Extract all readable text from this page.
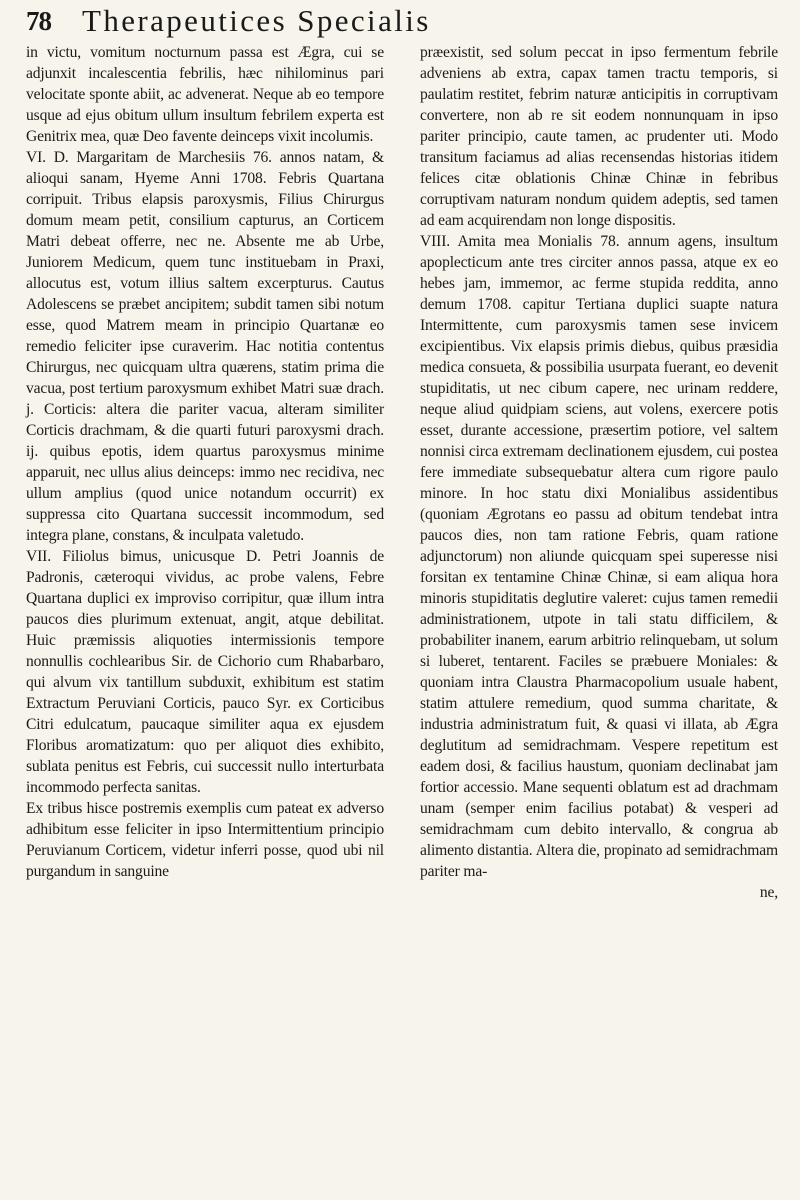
78 Therapeutices Specialis

in victu, vomitum nocturnum passa est Ægra, cui se adjunxit incalescentia febrilis, hæc nihilominus pari velocitate sponte abiit, ac advenerat. Neque ab eo tempore usque ad ejus obitum ullum insultum febrilem experta est Genitrix mea, quæ Deo favente deinceps vixit incolumis.

VI. D. Margaritam de Marchesiis 76. annos natam, & alioqui sanam, Hyeme Anni 1708. Febris Quartana corripuit. Tribus elapsis paroxysmis, Filius Chirurgus domum meam petit, consilium capturus, an Corticem Matri debeat offerre, nec ne. Absente me ab Urbe, Juniorem Medicum, quem tunc instituebam in Praxi, allocutus est, votum illius saltem excerpturus. Cautus Adolescens se præbet ancipitem; subdit tamen sibi notum esse, quod Matrem meam in principio Quartanæ eo remedio feliciter ipse curaverim. Hac notitia contentus Chirurgus, nec quicquam ultra quærens, statim prima die vacua, post tertium paroxysmum exhibet Matri suæ drach. j. Corticis: altera die pariter vacua, alteram similiter Corticis drachmam, & die quarti futuri paroxysmi drach. ij. quibus epotis, idem quartus paroxysmus minime apparuit, nec ullus alius deinceps: immo nec recidiva, nec ullum amplius (quod unice notandum occurrit) ex suppressa cito Quartana successit incommodum, sed integra plane, constans, & inculpata valetudo.

VII. Filiolus bimus, unicusque D. Petri Joannis de Padronis, cæteroqui vividus, ac probe valens, Febre Quartana duplici ex improviso corripitur, quæ illum intra paucos dies plurimum extenuat, angit, atque debilitat. Huic præmissis aliquoties intermissionis tempore nonnullis cochlearibus Sir. de Cichorio cum Rhabarbaro, qui alvum vix tantillum subduxit, exhibitum est statim Extractum Peruviani Corticis, pauco Syr. ex Corticibus Citri edulcatum, paucaque similiter aqua ex ejusdem Floribus aromatizatum: quo per aliquot dies exhibito, sublata penitus est Febris, cui successit nullo interturbata incommodo perfecta sanitas.

Ex tribus hisce postremis exemplis cum pateat ex adverso adhibitum esse feliciter in ipso Intermittentium principio Peruvianum Corticem, videtur inferri posse, quod ubi nil purgandum in sanguine

præexistit, sed solum peccat in ipso fermentum febrile adveniens ab extra, capax tamen tractu temporis, si paulatim restitet, febrim naturæ anticipitis in corruptivam convertere, non ab re sit eodem nonnunquam in ipso pariter principio, caute tamen, ac prudenter uti. Modo transitum faciamus ad alias recensendas historias itidem felices citæ oblationis Chinæ Chinæ in febribus corruptivam naturam nondum quidem adeptis, sed tamen ad eam acquirendam non longe dispositis.

VIII. Amita mea Monialis 78. annum agens, insultum apoplecticum ante tres circiter annos passa, atque ex eo hebes jam, immemor, ac ferme stupida reddita, anno demum 1708. capitur Tertiana duplici suapte natura Intermittente, cum paroxysmis tamen sese invicem excipientibus. Vix elapsis primis diebus, quibus præsidia medica consueta, & possibilia usurpata fuerant, eo devenit stupiditatis, ut nec cibum capere, nec urinam reddere, neque aliud quidpiam sciens, aut volens, exercere potis esset, durante accessione, præsertim potiore, vel saltem nonnisi circa extremam declinationem ejusdem, cui postea fere immediate subsequebatur altera cum rigore paulo minore. In hoc statu dixi Monialibus assidentibus (quoniam Ægrotans eo passu ad obitum tendebat intra paucos dies, non tam ratione Febris, quam ratione adjunctorum) non aliunde quicquam spei superesse nisi forsitan ex tentamine Chinæ Chinæ, si eam aliqua hora minoris stupiditatis deglutire valeret: cujus tamen remedii administrationem, utpote in tali statu difficilem, & probabiliter inanem, earum arbitrio relinquebam, ut solum si luberet, tentarent. Faciles se præbuere Moniales: & quoniam intra Claustra Pharmacopolium usuale habent, statim attulere remedium, quod summa charitate, & industria administratum fuit, & quasi vi illata, ab Ægra deglutitum ad semidrachmam. Vespere repetitum est eadem dosi, & facilius haustum, quoniam declinabat jam fortior accessio. Mane sequenti oblatum est ad drachmam unam (semper enim facilius potabat) & vesperi ad semidrachmam cum debito intervallo, & congrua ab alimento distantia. Altera die, propinato ad semidrachmam pariter ma-

ne,
